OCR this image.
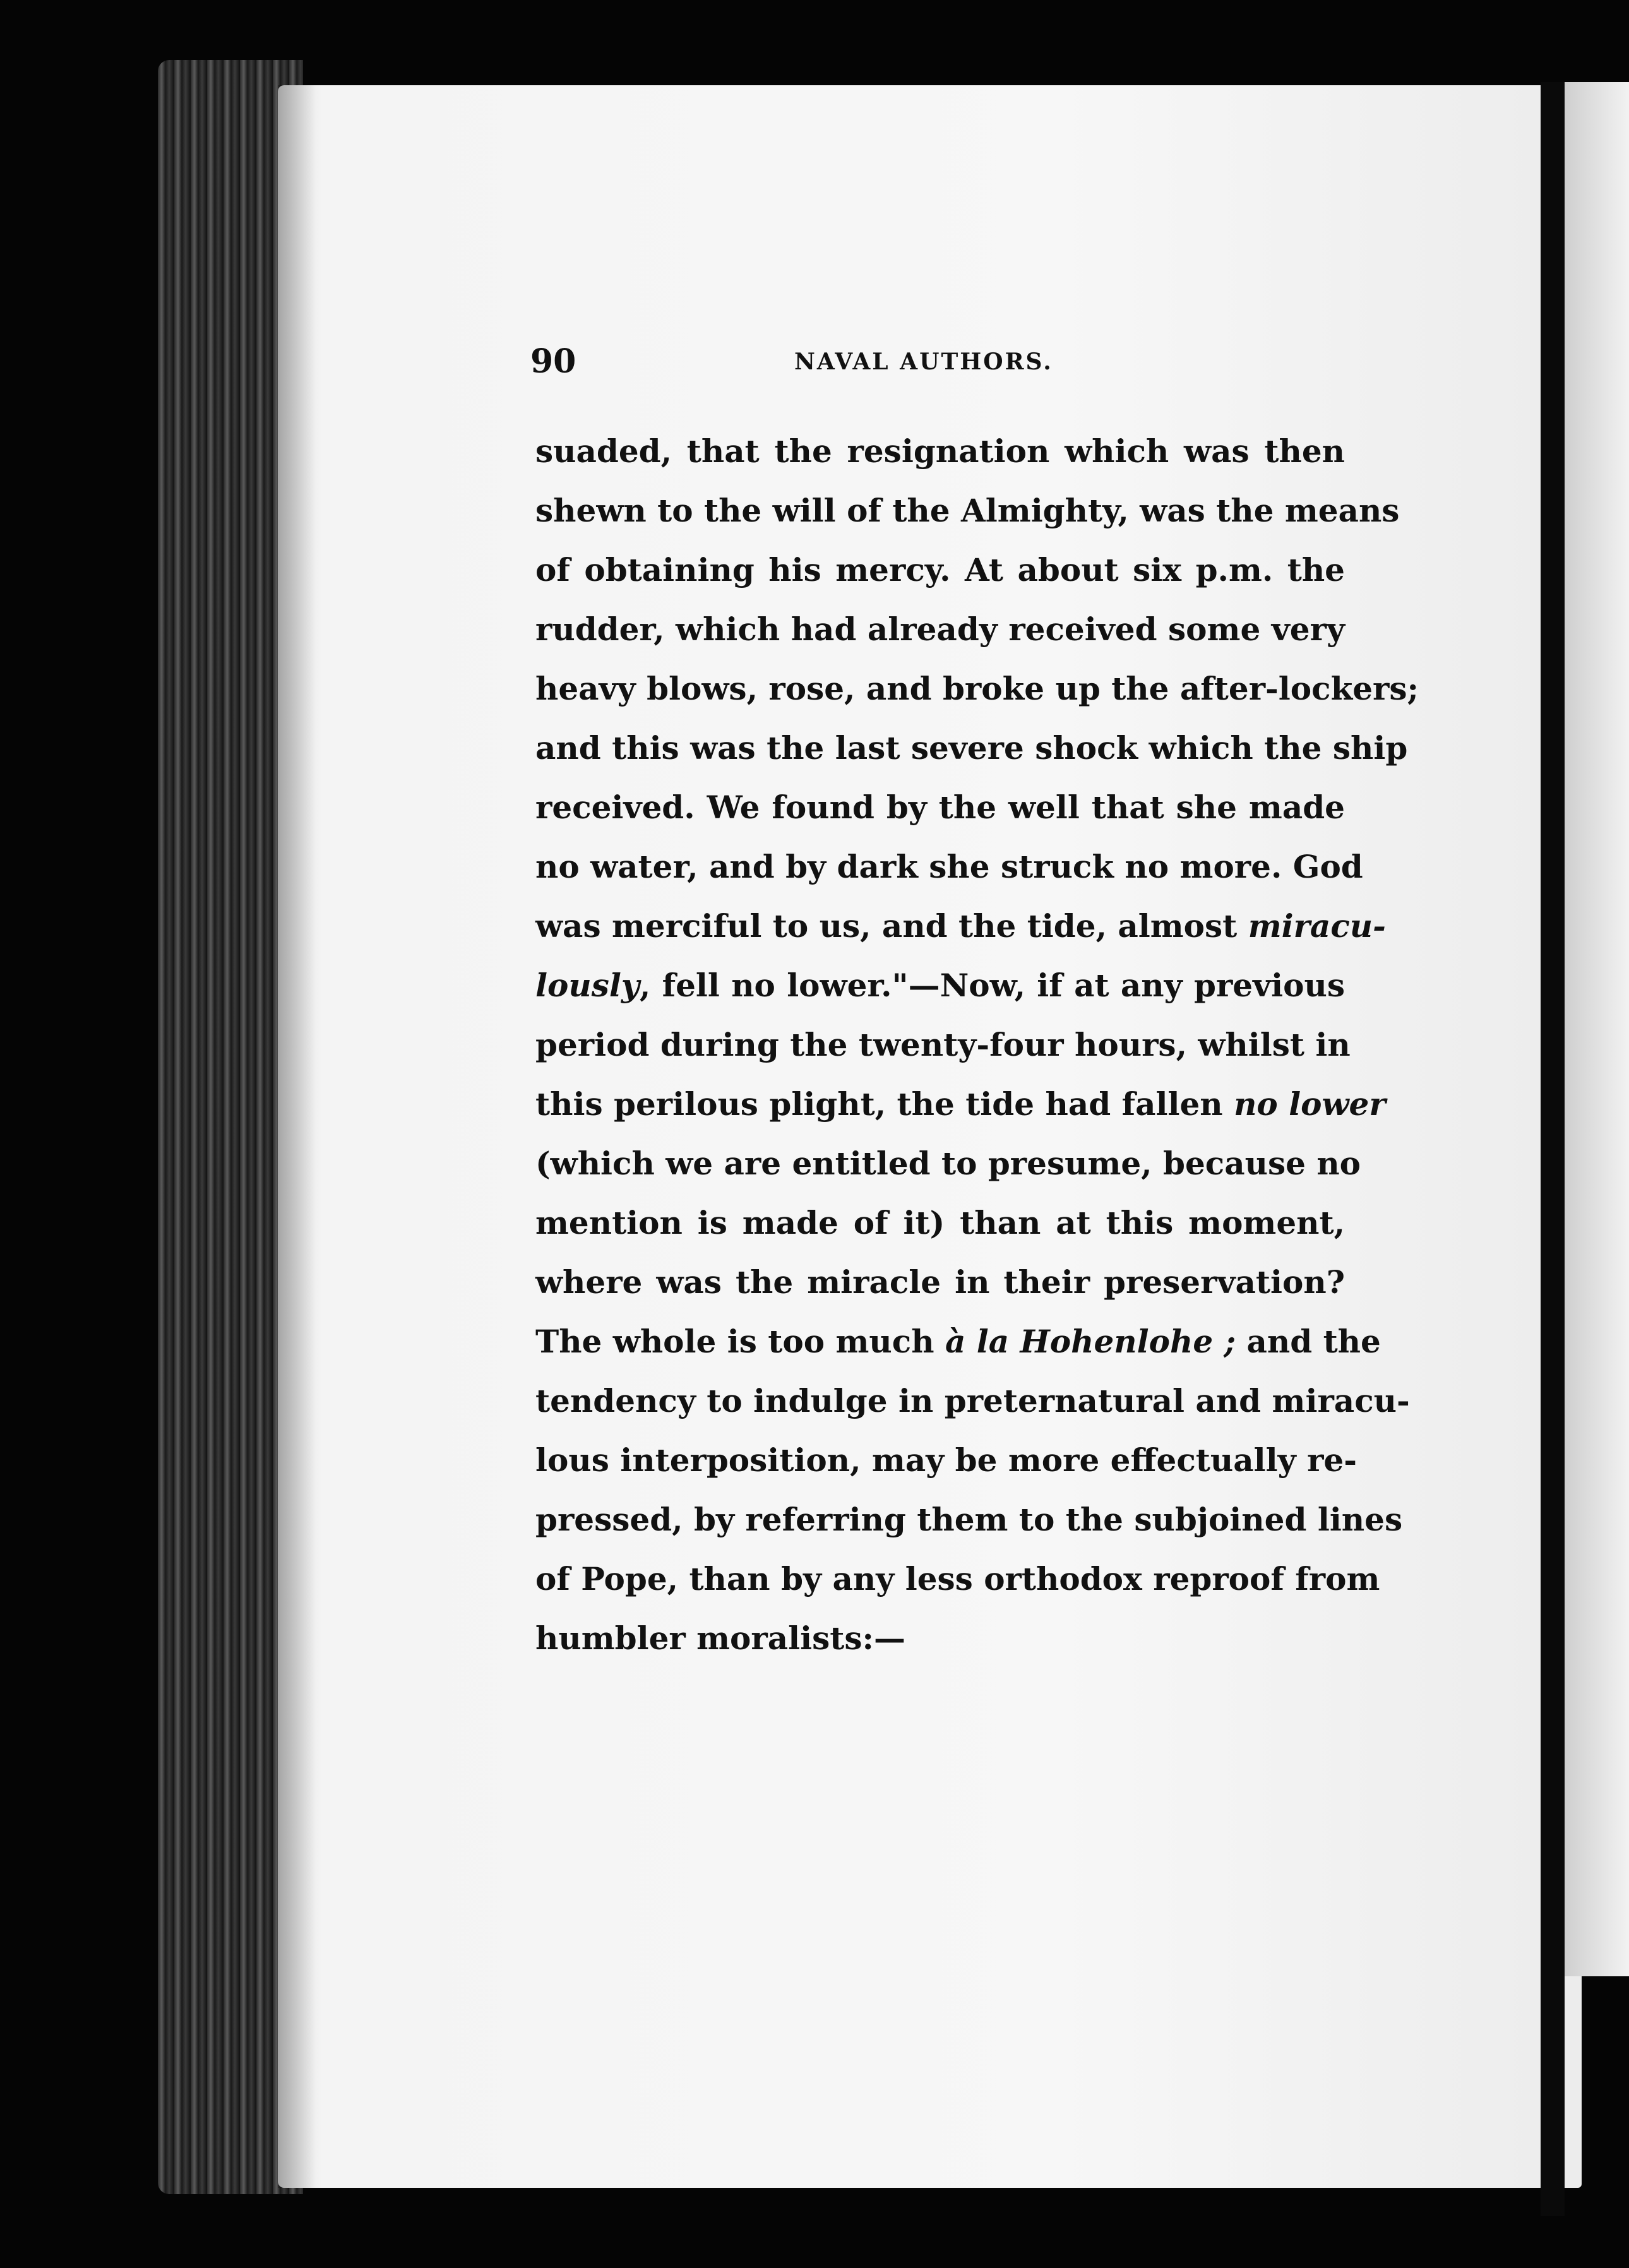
90	NAVAL AUTHORS.
suaded, that the resignation which was then
shewn to the will of the Almighty, was the means
of obtaining his mercy. At about six p.m. the
rudder, which had already received some very
heavy blows, rose, and broke up the after-lockers;
and this was the last severe shock which the ship
received. We found by the well that she made
no water, and by dark she struck no more. God
was merciful to us, and the tide, almost miracu-
lously, fell no lower."—Now, if at any previous
period during the twenty-four hours, whilst in
this perilous plight, the tide had fallen no lower
(which we are entitled to presume, because no
mention is made of it) than at this moment,
where was the miracle in their preservation?
The whole is too much à la Hohenlohe ; and the
tendency to indulge in preternatural and miracu-
lous interposition, may be more effectually re-
pressed, by referring them to the subjoined lines
of Pope, than by any less orthodox reproof from
humbler moralists:—
